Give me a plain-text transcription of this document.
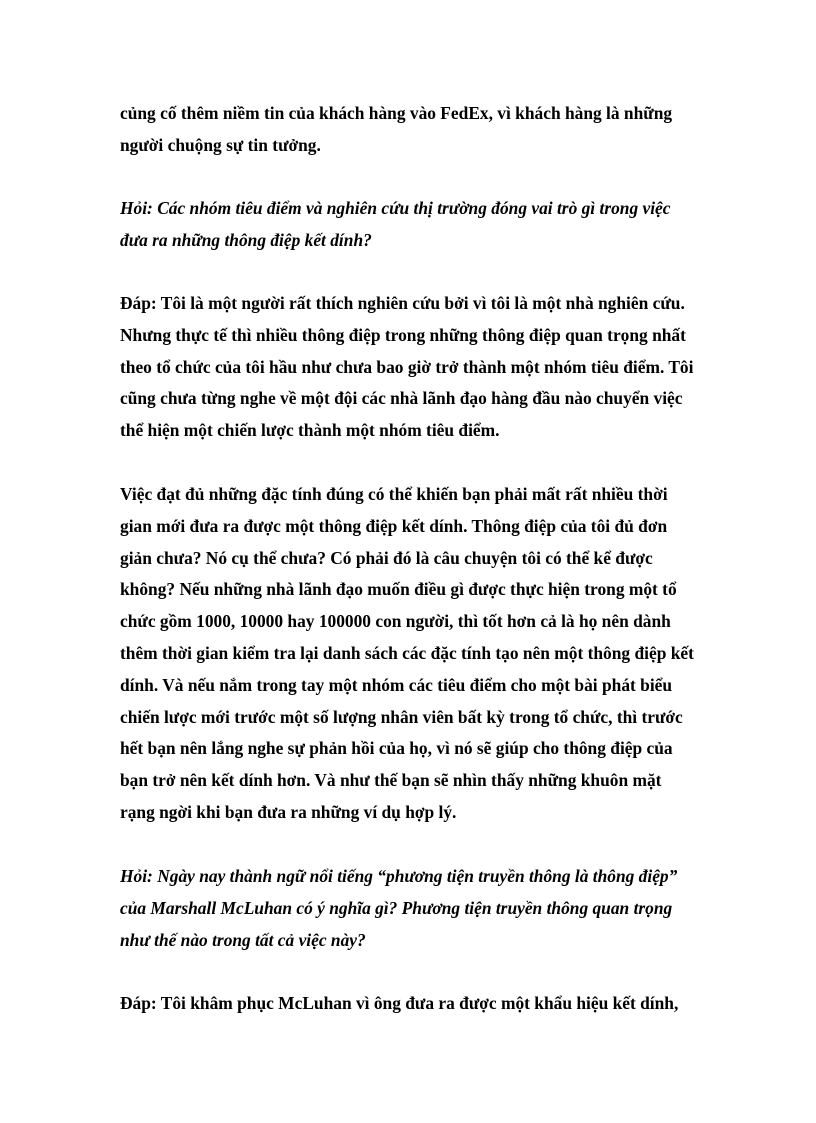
củng cố thêm niềm tin của khách hàng vào FedEx, vì khách hàng là những
người chuộng sự tin tưởng.

Hỏi: Các nhóm tiêu điểm và nghiên cứu thị trường đóng vai trò gì trong việc
đưa ra những thông điệp kết dính?

Đáp: Tôi là một người rất thích nghiên cứu bởi vì tôi là một nhà nghiên cứu.
Nhưng thực tế thì nhiều thông điệp trong những thông điệp quan trọng nhất
theo tổ chức của tôi hầu như chưa bao giờ trở thành một nhóm tiêu điểm. Tôi
cũng chưa từng nghe về một đội các nhà lãnh đạo hàng đầu nào chuyển việc
thể hiện một chiến lược thành một nhóm tiêu điểm.

Việc đạt đủ những đặc tính đúng có thể khiến bạn phải mất rất nhiều thời
gian mới đưa ra được một thông điệp kết dính. Thông điệp của tôi đủ đơn
giản chưa? Nó cụ thể chưa? Có phải đó là câu chuyện tôi có thể kể được
không? Nếu những nhà lãnh đạo muốn điều gì được thực hiện trong một tổ
chức gồm 1000, 10000 hay 100000 con người, thì tốt hơn cả là họ nên dành
thêm thời gian kiểm tra lại danh sách các đặc tính tạo nên một thông điệp kết
dính. Và nếu nắm trong tay một nhóm các tiêu điểm cho một bài phát biểu
chiến lược mới trước một số lượng nhân viên bất kỳ trong tổ chức, thì trước
hết bạn nên lắng nghe sự phản hồi của họ, vì nó sẽ giúp cho thông điệp của
bạn trở nên kết dính hơn. Và như thế bạn sẽ nhìn thấy những khuôn mặt
rạng ngời khi bạn đưa ra những ví dụ hợp lý.

Hỏi: Ngày nay thành ngữ nổi tiếng “phương tiện truyền thông là thông điệp”
của Marshall McLuhan có ý nghĩa gì? Phương tiện truyền thông quan trọng
như thế nào trong tất cả việc này?

Đáp: Tôi khâm phục McLuhan vì ông đưa ra được một khẩu hiệu kết dính,
